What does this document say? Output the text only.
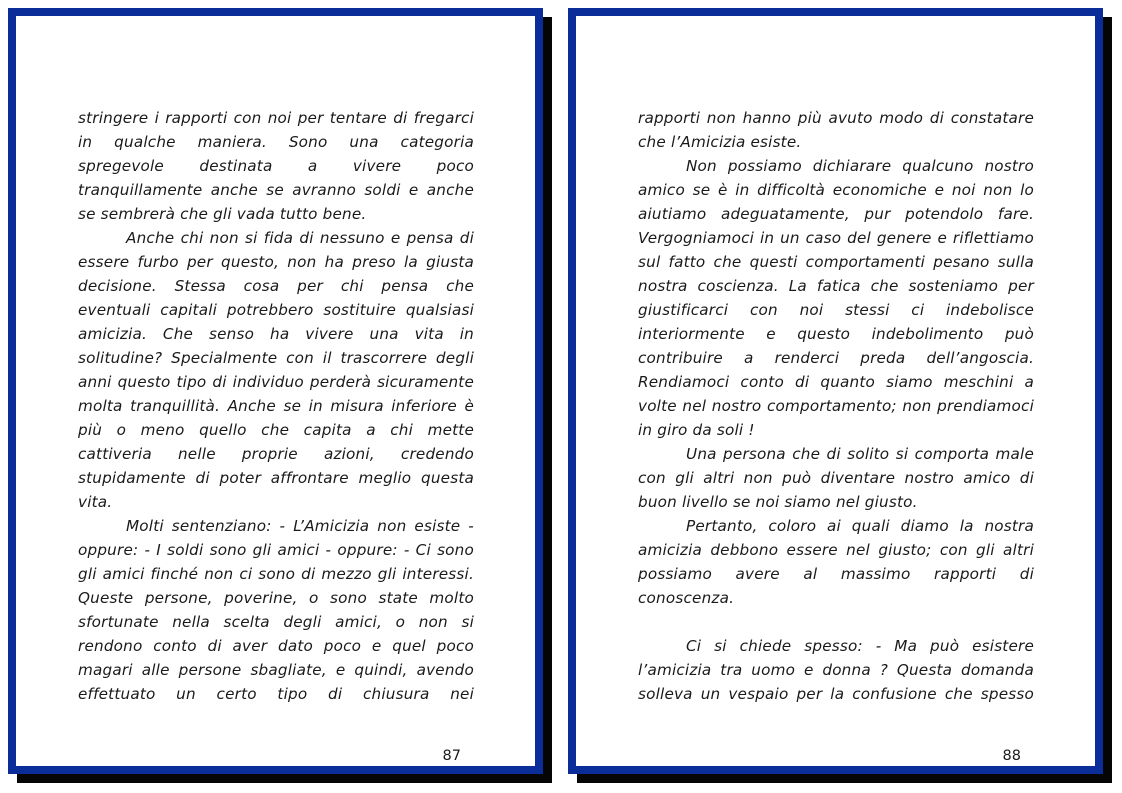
stringere i rapporti con noi per tentare di fregarci in qualche maniera. Sono una categoria spregevole destinata a vivere poco tranquillamente anche se avranno soldi e anche se sembrerà che gli vada tutto bene.

Anche chi non si fida di nessuno e pensa di essere furbo per questo, non ha preso la giusta decisione. Stessa cosa per chi pensa che eventuali capitali potrebbero sostituire qualsiasi amicizia. Che senso ha vivere una vita in solitudine? Specialmente con il trascorrere degli anni questo tipo di individuo perderà sicuramente molta tranquillità. Anche se in misura inferiore è più o meno quello che capita a chi mette cattiveria nelle proprie azioni, credendo stupidamente di poter affrontare meglio questa vita.

Molti sentenziano: - L’Amicizia non esiste - oppure: - I soldi sono gli amici - oppure: - Ci sono gli amici finché non ci sono di mezzo gli interessi. Queste persone, poverine, o sono state molto sfortunate nella scelta degli amici, o non si rendono conto di aver dato poco e quel poco magari alle persone sbagliate, e quindi, avendo effettuato un certo tipo di chiusura nei

87

rapporti non hanno più avuto modo di constatare che l’Amicizia esiste.

Non possiamo dichiarare qualcuno nostro amico se è in difficoltà economiche e noi non lo aiutiamo adeguatamente, pur potendolo fare. Vergogniamoci in un caso del genere e riflettiamo sul fatto che questi comportamenti pesano sulla nostra coscienza. La fatica che sosteniamo per giustificarci con noi stessi ci indebolisce interiormente e questo indebolimento può contribuire a renderci preda dell’angoscia. Rendiamoci conto di quanto siamo meschini a volte nel nostro comportamento; non prendiamoci in giro da soli !

Una persona che di solito si comporta male con gli altri non può diventare nostro amico di buon livello se noi siamo nel giusto.

Pertanto, coloro ai quali diamo la nostra amicizia debbono essere nel giusto; con gli altri possiamo avere al massimo rapporti di conoscenza.

Ci si chiede spesso: - Ma può esistere l’amicizia tra uomo e donna ? Questa domanda solleva un vespaio per la confusione che spesso

88
